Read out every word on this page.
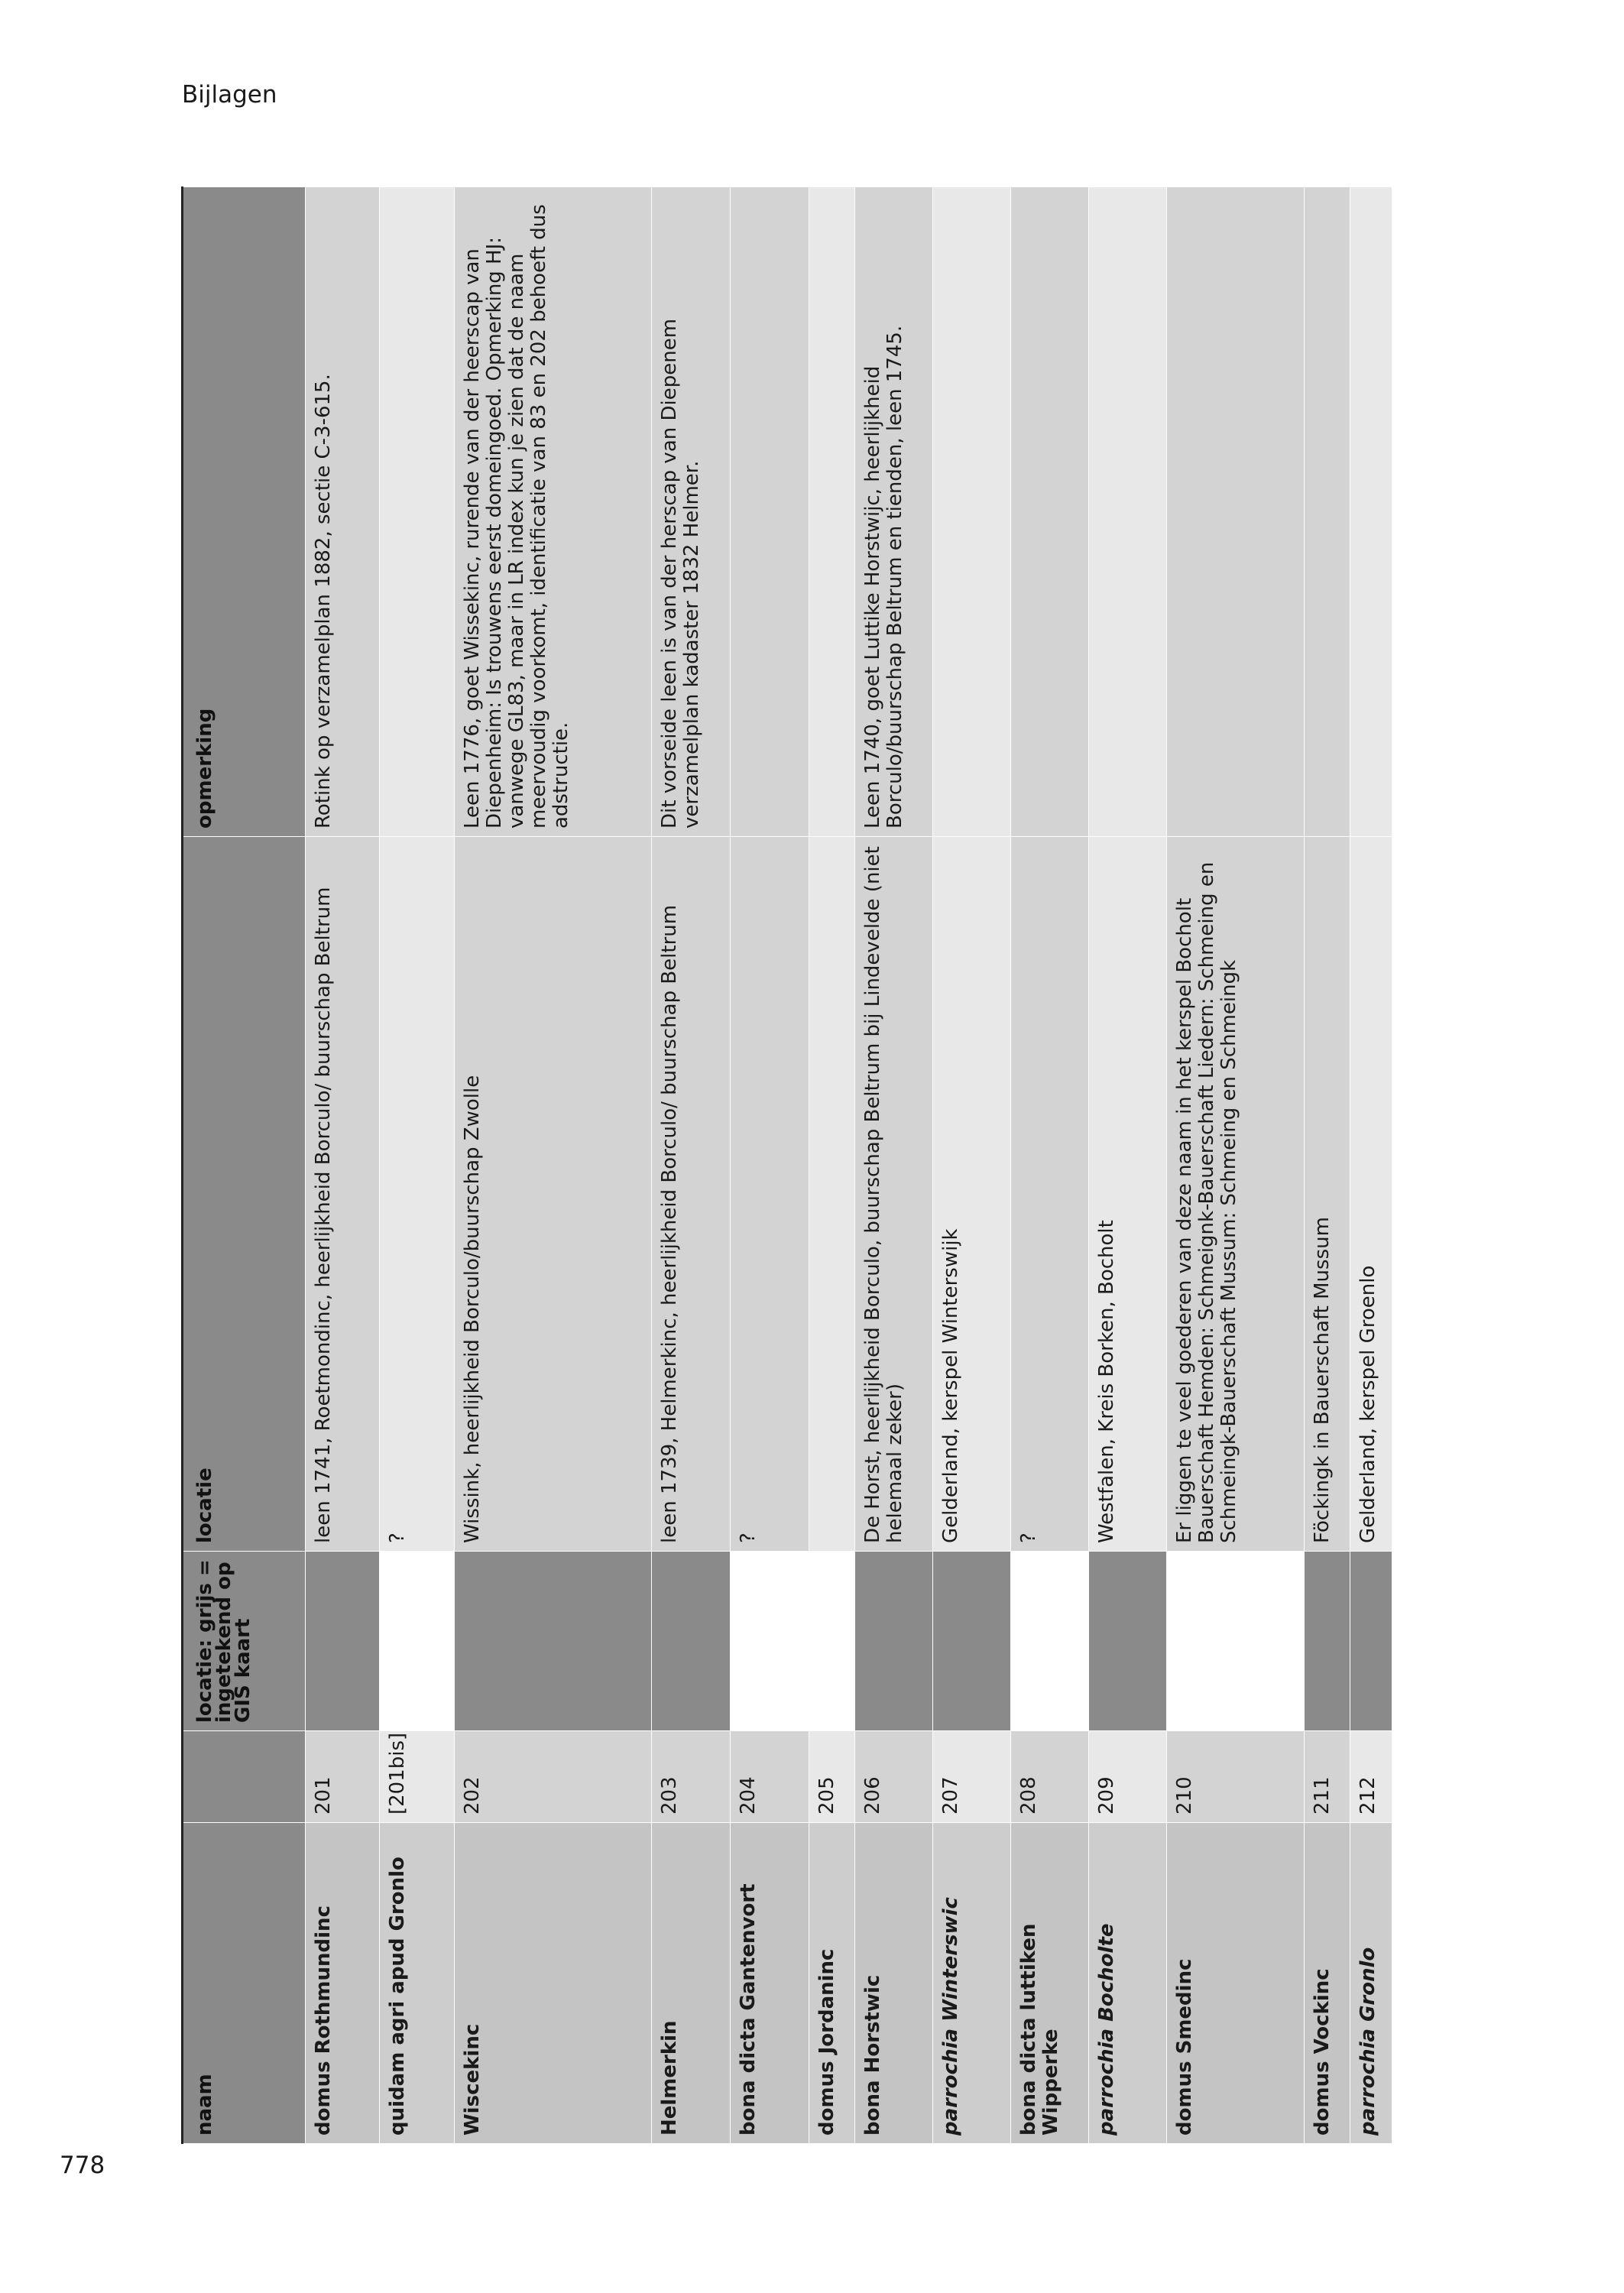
Bijlagen
778
naam		locatie: grijs = ingetekend op GIS kaart	locatie	opmerking
domus Rothmundinc	201		leen 1741, Roetmondinc, heerlijkheid Borculo/ buurschap Beltrum	Rotink op verzamelplan 1882, sectie C-3-615.
quidam agri apud Gronlo	[201bis]		?	
Wiscekinc	202		Wissink, heerlijkheid Borculo/buurschap Zwolle	Leen 1776, goet Wissekinc, rurende van der heerscap van Diepenheim: Is trouwens eerst domeingoed. Opmerking HJ: vanwege GL83, maar in LR index kun je zien dat de naam meervoudig voorkomt, identificatie van 83 en 202 behoeft dus adstructie.
Helmerkin	203		leen 1739, Helmerkinc, heerlijkheid Borculo/ buurschap Beltrum	Dit vorseide leen is van der herscap van Diepenem verzamelplan kadaster 1832 Helmer.
bona dicta Gantenvort	204		?	
domus Jordaninc	205			
bona Horstwic	206		De Horst, heerlijkheid Borculo, buurschap Beltrum bij Lindevelde (niet helemaal zeker)	Leen 1740, goet Luttike Horstwijc, heerlijkheid Borculo/buurschap Beltrum en tienden, leen 1745.
parrochia Winterswic	207		Gelderland, kerspel Winterswijk	
bona dicta luttiken Wipperke	208		?	
parrochia Bocholte	209		Westfalen, Kreis Borken, Bocholt	
domus Smedinc	210		Er liggen te veel goederen van deze naam in het kerspel Bocholt Bauerschaft Hemden: Schmeignk-Bauerschaft Liedern: Schmeing en Schmeingk-Bauerschaft Mussum: Schmeing en Schmeingk	
domus Vockinc	211		Föckingk in Bauerschaft Mussum	
parrochia Gronlo	212		Gelderland, kerspel Groenlo	
